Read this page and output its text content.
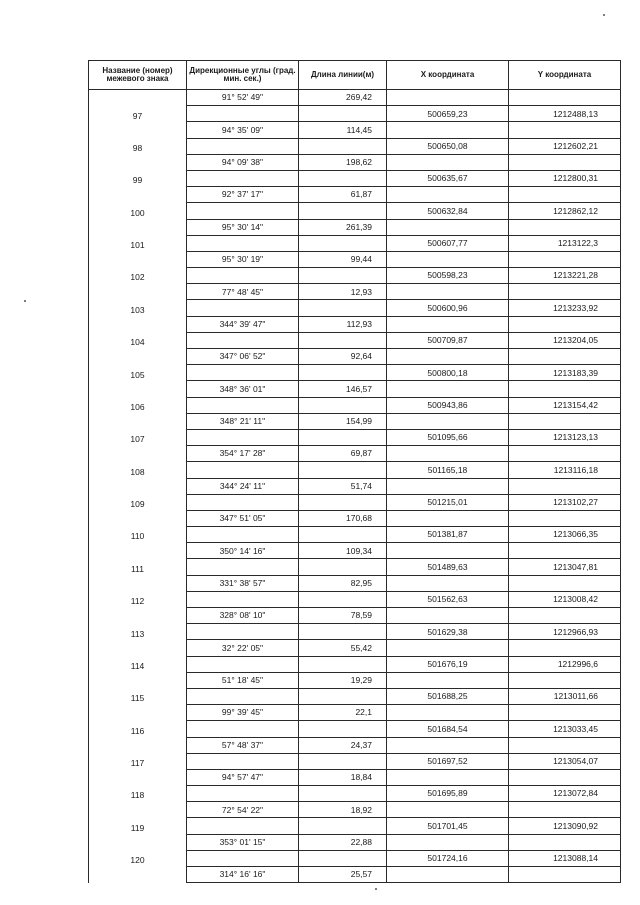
Название (номер) межевого знака	Дирекционные углы (град. мин. сек.)	Длина линии(м)	X координата	Y координата
	91° 52' 49"	269,42		
97			500659,23	1212488,13
	94° 35' 09"	114,45		
98			500650,08	1212602,21
	94° 09' 38"	198,62		
99			500635,67	1212800,31
	92° 37' 17"	61,87		
100			500632,84	1212862,12
	95° 30' 14"	261,39		
101			500607,77	1213122,3
	95° 30' 19"	99,44		
102			500598,23	1213221,28
	77° 48' 45"	12,93		
103			500600,96	1213233,92
	344° 39' 47"	112,93		
104			500709,87	1213204,05
	347° 06' 52"	92,64		
105			500800,18	1213183,39
	348° 36' 01"	146,57		
106			500943,86	1213154,42
	348° 21' 11"	154,99		
107			501095,66	1213123,13
	354° 17' 28"	69,87		
108			501165,18	1213116,18
	344° 24' 11"	51,74		
109			501215,01	1213102,27
	347° 51' 05"	170,68		
110			501381,87	1213066,35
	350° 14' 16"	109,34		
111			501489,63	1213047,81
	331° 38' 57"	82,95		
112			501562,63	1213008,42
	328° 08' 10"	78,59		
113			501629,38	1212966,93
	32° 22' 05"	55,42		
114			501676,19	1212996,6
	51° 18' 45"	19,29		
115			501688,25	1213011,66
	99° 39' 45"	22,1		
116			501684,54	1213033,45
	57° 48' 37"	24,37		
117			501697,52	1213054,07
	94° 57' 47"	18,84		
118			501695,89	1213072,84
	72° 54' 22"	18,92		
119			501701,45	1213090,92
	353° 01' 15"	22,88		
120			501724,16	1213088,14
	314° 16' 16"	25,57		
